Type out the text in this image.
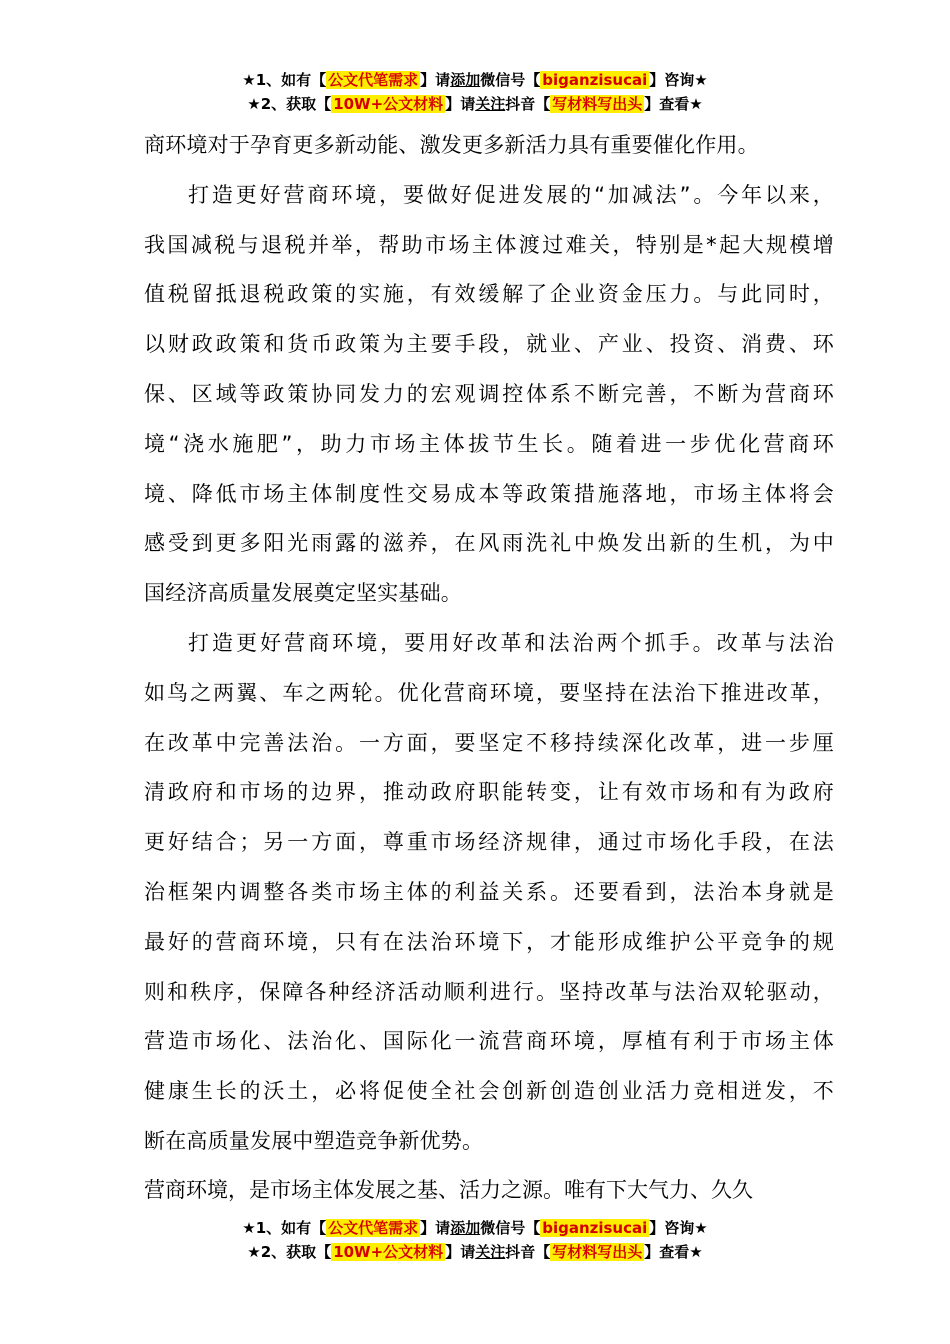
★1、如有【 公文代笔需求 】请添加微信号【 biganzisucai 】咨询★
★2、获取【 10W+公文材料 】请关注抖音【 写材料写出头 】查看★
商环境对于孕育更多新动能、激发更多新活力具有重要催化作用。
打造更好营商环境，要做好促进发展的“加减法”。今年以来，
我国减税与退税并举，帮助市场主体渡过难关，特别是*起大规模增
值税留抵退税政策的实施，有效缓解了企业资金压力。与此同时，
以财政政策和货币政策为主要手段，就业、产业、投资、消费、环
保、区域等政策协同发力的宏观调控体系不断完善，不断为营商环
境“浇水施肥”，助力市场主体拔节生长。随着进一步优化营商环
境、降低市场主体制度性交易成本等政策措施落地，市场主体将会
感受到更多阳光雨露的滋养，在风雨洗礼中焕发出新的生机，为中
国经济高质量发展奠定坚实基础。
打造更好营商环境，要用好改革和法治两个抓手。改革与法治
如鸟之两翼、车之两轮。优化营商环境，要坚持在法治下推进改革，
在改革中完善法治。一方面，要坚定不移持续深化改革，进一步厘
清政府和市场的边界，推动政府职能转变，让有效市场和有为政府
更好结合；另一方面，尊重市场经济规律，通过市场化手段，在法
治框架内调整各类市场主体的利益关系。还要看到，法治本身就是
最好的营商环境，只有在法治环境下，才能形成维护公平竞争的规
则和秩序，保障各种经济活动顺利进行。坚持改革与法治双轮驱动，
营造市场化、法治化、国际化一流营商环境，厚植有利于市场主体
健康生长的沃土，必将促使全社会创新创造创业活力竞相迸发，不
断在高质量发展中塑造竞争新优势。
营商环境，是市场主体发展之基、活力之源。唯有下大气力、久久
★1、如有【 公文代笔需求 】请添加微信号【 biganzisucai 】咨询★
★2、获取【 10W+公文材料 】请关注抖音【 写材料写出头 】查看★
